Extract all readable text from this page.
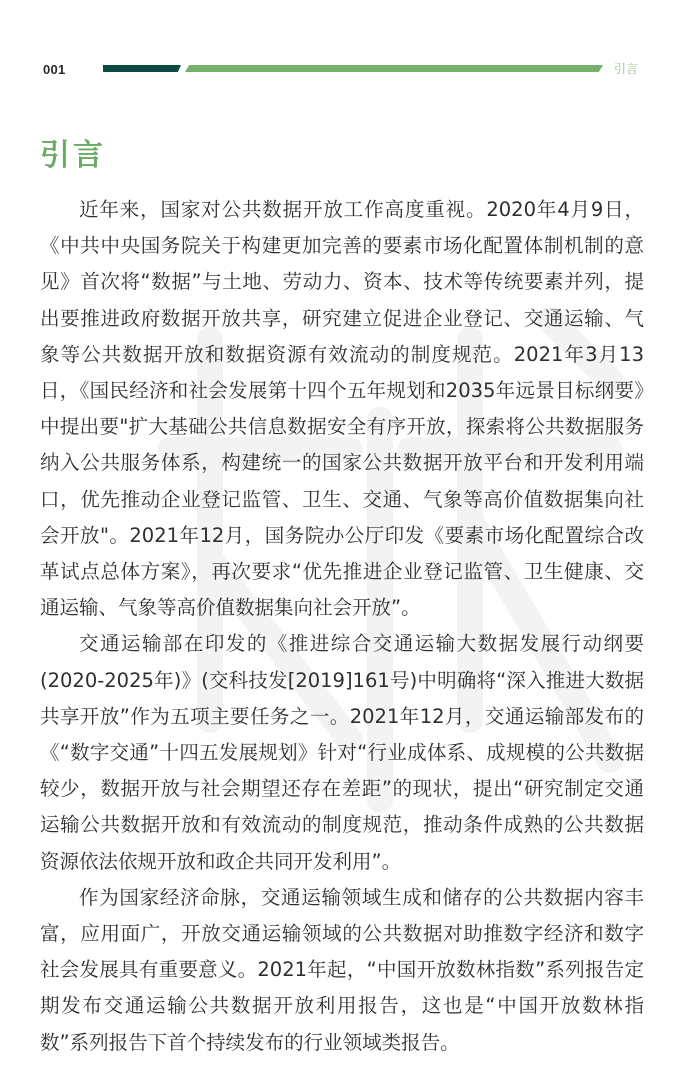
001	引言
引言

近年来，国家对公共数据开放工作高度重视。2020年4月9日，《中共中央国务院关于构建更加完善的要素市场化配置体制机制的意见》首次将“数据”与土地、劳动力、资本、技术等传统要素并列，提出要推进政府数据开放共享，研究建立促进企业登记、交通运输、气象等公共数据开放和数据资源有效流动的制度规范。2021年3月13日，《国民经济和社会发展第十四个五年规划和2035年远景目标纲要》中提出要"扩大基础公共信息数据安全有序开放，探索将公共数据服务纳入公共服务体系，构建统一的国家公共数据开放平台和开发利用端口，优先推动企业登记监管、卫生、交通、气象等高价值数据集向社会开放"。2021年12月，国务院办公厅印发《要素市场化配置综合改革试点总体方案》，再次要求“优先推进企业登记监管、卫生健康、交通运输、气象等高价值数据集向社会开放”。

交通运输部在印发的《推进综合交通运输大数据发展行动纲要(2020-2025年)》(交科技发[2019]161号)中明确将“深入推进大数据共享开放”作为五项主要任务之一。2021年12月，交通运输部发布的《“数字交通”十四五发展规划》针对“行业成体系、成规模的公共数据较少，数据开放与社会期望还存在差距”的现状，提出“研究制定交通运输公共数据开放和有效流动的制度规范，推动条件成熟的公共数据资源依法依规开放和政企共同开发利用”。

作为国家经济命脉，交通运输领域生成和储存的公共数据内容丰富，应用面广，开放交通运输领域的公共数据对助推数字经济和数字社会发展具有重要意义。2021年起，“中国开放数林指数”系列报告定期发布交通运输公共数据开放利用报告，这也是“中国开放数林指数”系列报告下首个持续发布的行业领域类报告。
